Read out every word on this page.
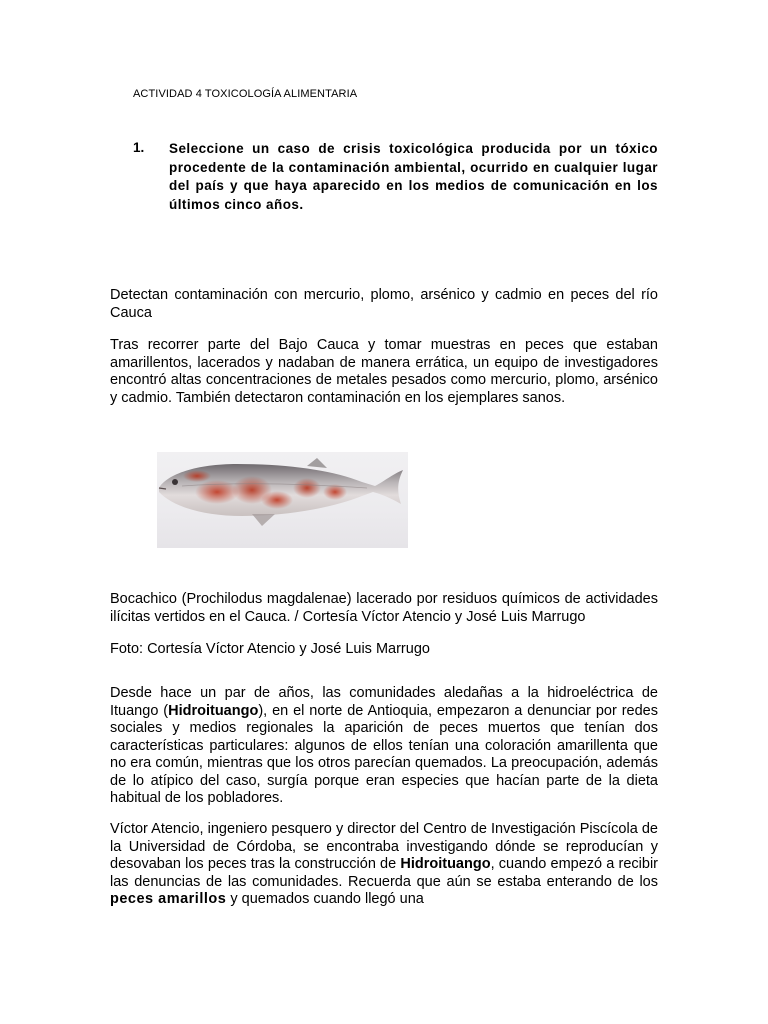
ACTIVIDAD 4 TOXICOLOGÍA ALIMENTARIA
1. Seleccione un caso de crisis toxicológica producida por un tóxico procedente de la contaminación ambiental, ocurrido en cualquier lugar del país y que haya aparecido en los medios de comunicación en los últimos cinco años.
Detectan contaminación con mercurio, plomo, arsénico y cadmio en peces del río Cauca
Tras recorrer parte del Bajo Cauca y tomar muestras en peces que estaban amarillentos, lacerados y nadaban de manera errática, un equipo de investigadores encontró altas concentraciones de metales pesados como mercurio, plomo, arsénico y cadmio. También detectaron contaminación en los ejemplares sanos.
Bocachico (Prochilodus magdalenae) lacerado por residuos químicos de actividades ilícitas vertidos en el Cauca. / Cortesía Víctor Atencio y José Luis Marrugo
Foto: Cortesía Víctor Atencio y José Luis Marrugo
Desde hace un par de años, las comunidades aledañas a la hidroeléctrica de Ituango (Hidroituango), en el norte de Antioquia, empezaron a denunciar por redes sociales y medios regionales la aparición de peces muertos que tenían dos características particulares: algunos de ellos tenían una coloración amarillenta que no era común, mientras que los otros parecían quemados. La preocupación, además de lo atípico del caso, surgía porque eran especies que hacían parte de la dieta habitual de los pobladores.
Víctor Atencio, ingeniero pesquero y director del Centro de Investigación Piscícola de la Universidad de Córdoba, se encontraba investigando dónde se reproducían y desovaban los peces tras la construcción de Hidroituango, cuando empezó a recibir las denuncias de las comunidades. Recuerda que aún se estaba enterando de los peces amarillos y quemados cuando llegó una
